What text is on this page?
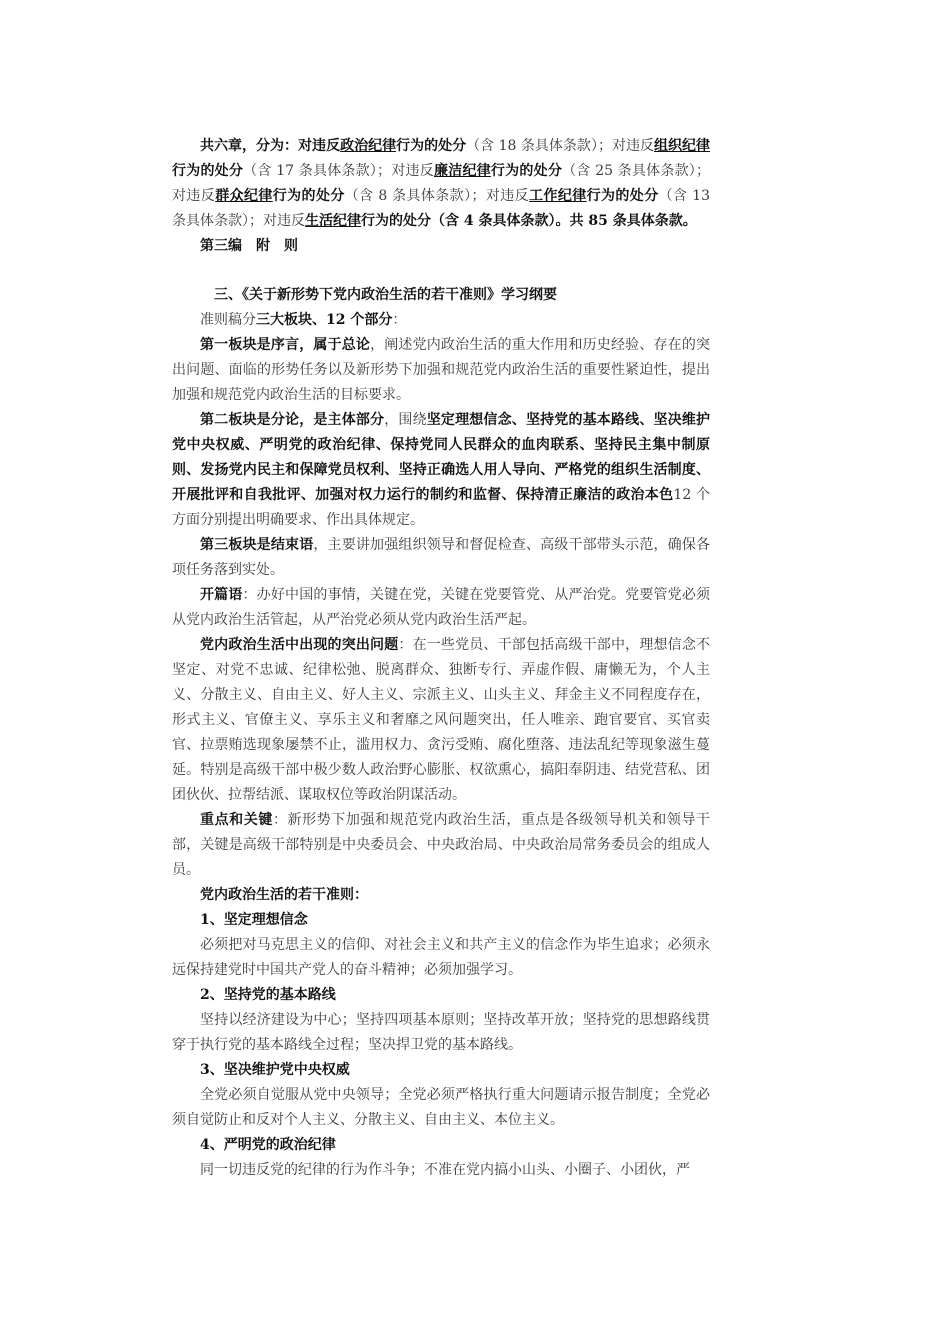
共六章，分为：对违反政治纪律行为的处分（含 18 条具体条款）；对违反组织纪律行为的处分（含 17 条具体条款）；对违反廉洁纪律行为的处分（含 25 条具体条款）；对违反群众纪律行为的处分（含 8 条具体条款）；对违反工作纪律行为的处分（含 13 条具体条款）；对违反生活纪律行为的处分（含 4 条具体条款）。共 85 条具体条款。

第三编　附　则

三、《关于新形势下党内政治生活的若干准则》学习纲要

准则稿分三大板块、12 个部分：

第一板块是序言，属于总论，阐述党内政治生活的重大作用和历史经验、存在的突出问题、面临的形势任务以及新形势下加强和规范党内政治生活的重要性紧迫性，提出加强和规范党内政治生活的目标要求。

第二板块是分论，是主体部分，围绕坚定理想信念、坚持党的基本路线、坚决维护党中央权威、严明党的政治纪律、保持党同人民群众的血肉联系、坚持民主集中制原则、发扬党内民主和保障党员权利、坚持正确选人用人导向、严格党的组织生活制度、开展批评和自我批评、加强对权力运行的制约和监督、保持清正廉洁的政治本色12 个方面分别提出明确要求、作出具体规定。

第三板块是结束语，主要讲加强组织领导和督促检查、高级干部带头示范，确保各项任务落到实处。

开篇语：办好中国的事情，关键在党，关键在党要管党、从严治党。党要管党必须从党内政治生活管起，从严治党必须从党内政治生活严起。

党内政治生活中出现的突出问题：在一些党员、干部包括高级干部中，理想信念不坚定、对党不忠诚、纪律松弛、脱离群众、独断专行、弄虚作假、庸懒无为，个人主义、分散主义、自由主义、好人主义、宗派主义、山头主义、拜金主义不同程度存在，形式主义、官僚主义、享乐主义和奢靡之风问题突出，任人唯亲、跑官要官、买官卖官、拉票贿选现象屡禁不止，滥用权力、贪污受贿、腐化堕落、违法乱纪等现象滋生蔓延。特别是高级干部中极少数人政治野心膨胀、权欲熏心，搞阳奉阴违、结党营私、团团伙伙、拉帮结派、谋取权位等政治阴谋活动。

重点和关键：新形势下加强和规范党内政治生活，重点是各级领导机关和领导干部，关键是高级干部特别是中央委员会、中央政治局、中央政治局常务委员会的组成人员。

党内政治生活的若干准则：

1、坚定理想信念

必须把对马克思主义的信仰、对社会主义和共产主义的信念作为毕生追求；必须永远保持建党时中国共产党人的奋斗精神；必须加强学习。

2、坚持党的基本路线

坚持以经济建设为中心；坚持四项基本原则；坚持改革开放；坚持党的思想路线贯穿于执行党的基本路线全过程；坚决捍卫党的基本路线。

3、坚决维护党中央权威

全党必须自觉服从党中央领导；全党必须严格执行重大问题请示报告制度；全党必须自觉防止和反对个人主义、分散主义、自由主义、本位主义。

4、严明党的政治纪律

同一切违反党的纪律的行为作斗争；不准在党内搞小山头、小圈子、小团伙，严
